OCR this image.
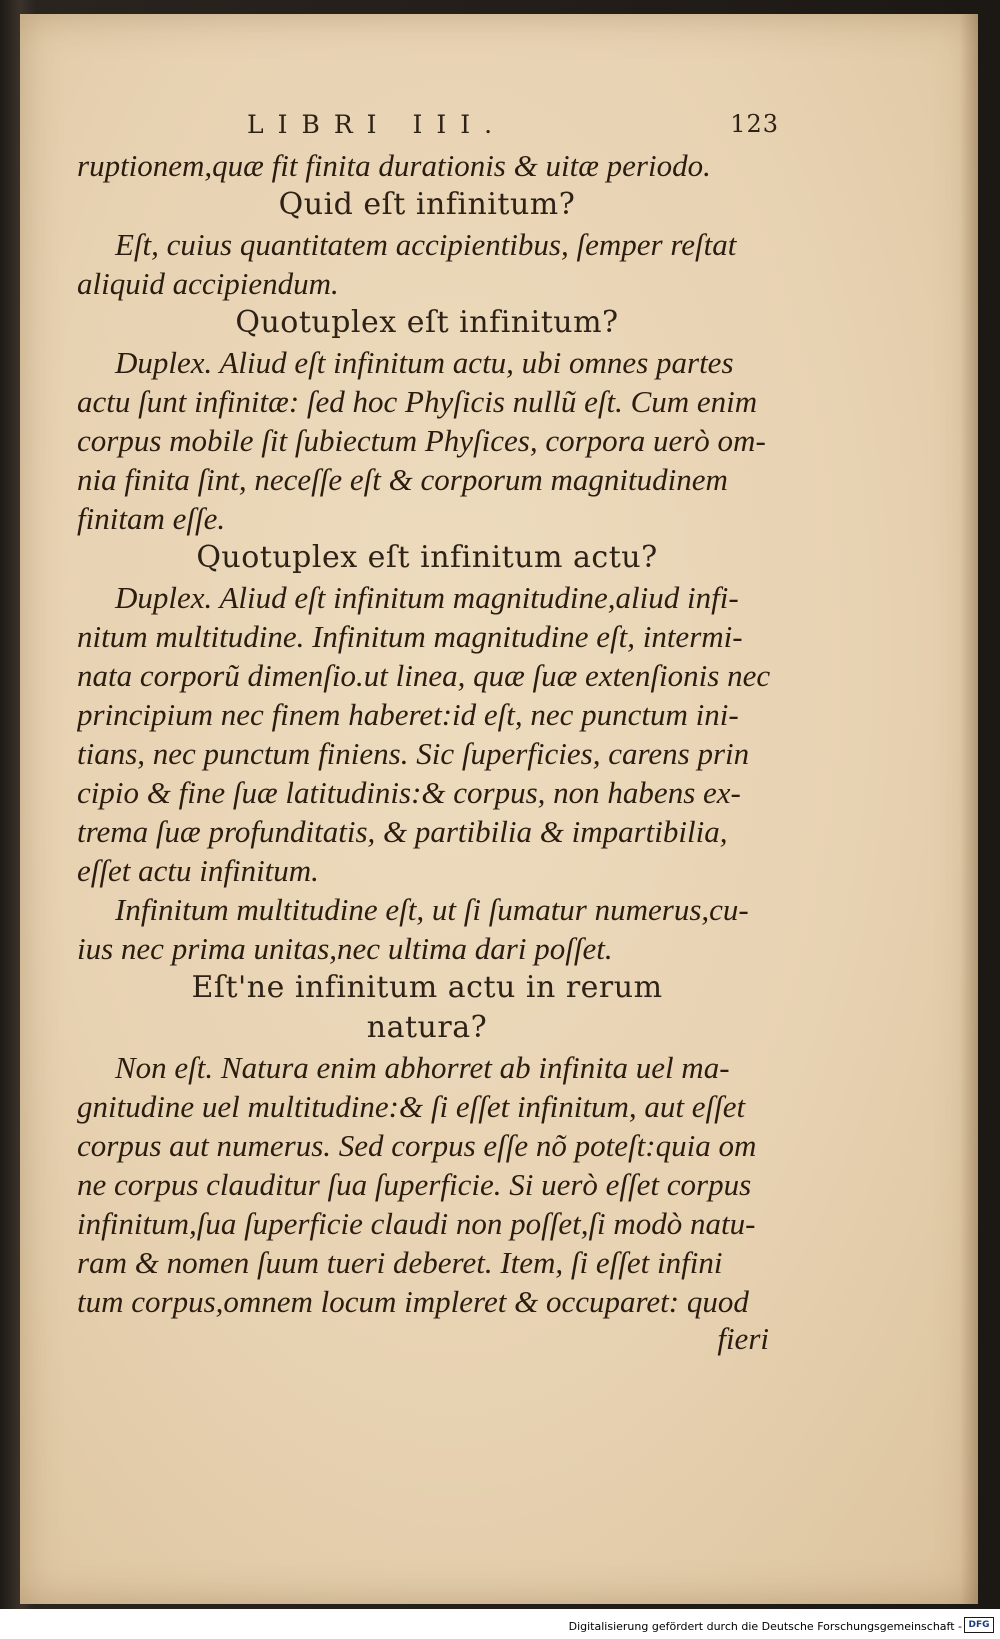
LIBRI III.	123
ruptionem,quæ fit finita durationis & uitæ periodo.
Quid eſt infinitum?
Eſt, cuius quantitatem accipientibus, ſemper reſtat
aliquid accipiendum.
Quotuplex eſt infinitum?
Duplex. Aliud eſt infinitum actu, ubi omnes partes
actu ſunt infinitæ: ſed hoc Phyſicis nullũ eſt. Cum enim
corpus mobile ſit ſubiectum Phyſices, corpora uerò om-
nia finita ſint, neceſſe eſt & corporum magnitudinem
finitam eſſe.
Quotuplex eſt infinitum actu?
Duplex. Aliud eſt infinitum magnitudine,aliud infi-
nitum multitudine. Infinitum magnitudine eſt, intermi-
nata corporũ dimenſio.ut linea, quæ ſuæ extenſionis nec
principium nec finem haberet:id eſt, nec punctum ini-
tians, nec punctum finiens. Sic ſuperficies, carens prin
cipio & fine ſuæ latitudinis:& corpus, non habens ex-
trema ſuæ profunditatis, & partibilia & impartibilia,
eſſet actu infinitum.
Infinitum multitudine eſt, ut ſi ſumatur numerus,cu-
ius nec prima unitas,nec ultima dari poſſet.
Eſt'ne infinitum actu in rerum
natura?
Non eſt. Natura enim abhorret ab infinita uel ma-
gnitudine uel multitudine:& ſi eſſet infinitum, aut eſſet
corpus aut numerus. Sed corpus eſſe nõ poteſt:quia om
ne corpus clauditur ſua ſuperficie. Si uerò eſſet corpus
infinitum,ſua ſuperficie claudi non poſſet,ſi modò natu-
ram & nomen ſuum tueri deberet. Item, ſi eſſet infini
tum corpus,omnem locum impleret & occuparet: quod
fieri
Digitalisierung gefördert durch die Deutsche Forschungsgemeinschaft - DFG
